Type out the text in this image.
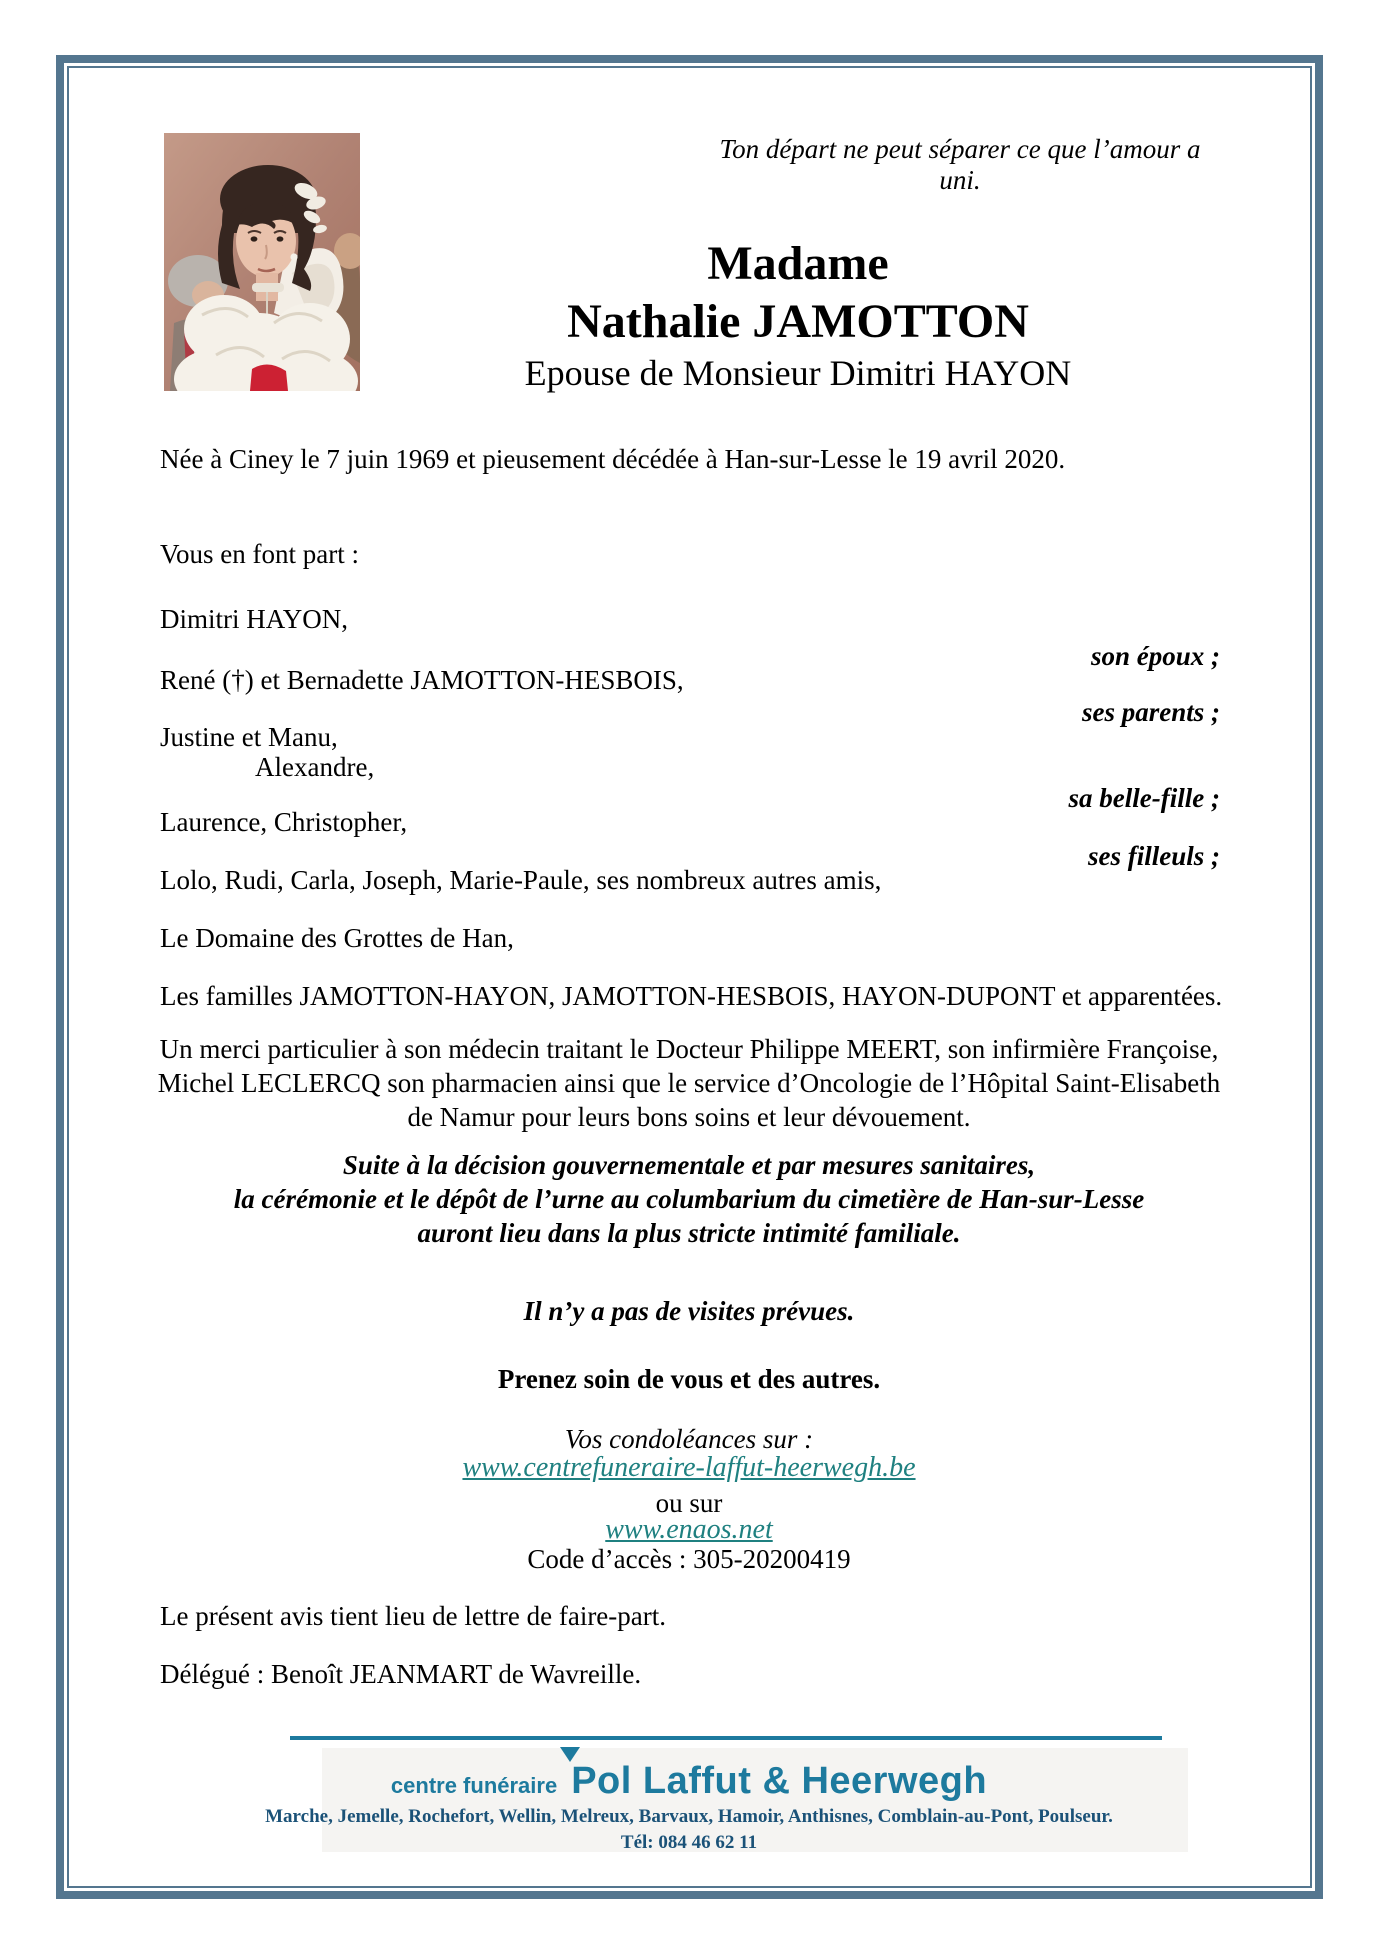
Ton départ ne peut séparer ce que l’amour a uni.
Madame
Nathalie JAMOTTON
Epouse de Monsieur Dimitri HAYON
Née à Ciney le 7 juin 1969 et pieusement décédée à Han-sur-Lesse le 19 avril 2020.
Vous en font part :
Dimitri HAYON,
son époux ;
René (†) et Bernadette JAMOTTON-HESBOIS,
ses parents ;
Justine et Manu,
Alexandre,
sa belle-fille ;
Laurence, Christopher,
ses filleuls ;
Lolo, Rudi, Carla, Joseph, Marie-Paule, ses nombreux autres amis,
Le Domaine des Grottes de Han,
Les familles JAMOTTON-HAYON, JAMOTTON-HESBOIS, HAYON-DUPONT et apparentées.
Un merci particulier à son médecin traitant le Docteur Philippe MEERT, son infirmière Françoise,
Michel LECLERCQ son pharmacien ainsi que le service d’Oncologie de l’Hôpital Saint-Elisabeth
de Namur pour leurs bons soins et leur dévouement.
Suite à la décision gouvernementale et par mesures sanitaires,
la cérémonie et le dépôt de l’urne au columbarium du cimetière de Han-sur-Lesse
auront lieu dans la plus stricte intimité familiale.
Il n’y a pas de visites prévues.
Prenez soin de vous et des autres.
Vos condoléances sur :
www.centrefuneraire-laffut-heerwegh.be
ou sur
www.enaos.net
Code d’accès : 305-20200419
Le présent avis tient lieu de lettre de faire-part.
Délégué : Benoît JEANMART de Wavreille.
centre funéraire Pol Laffut & Heerwegh
Marche, Jemelle, Rochefort, Wellin, Melreux, Barvaux, Hamoir, Anthisnes, Comblain-au-Pont, Poulseur.
Tél: 084 46 62 11
